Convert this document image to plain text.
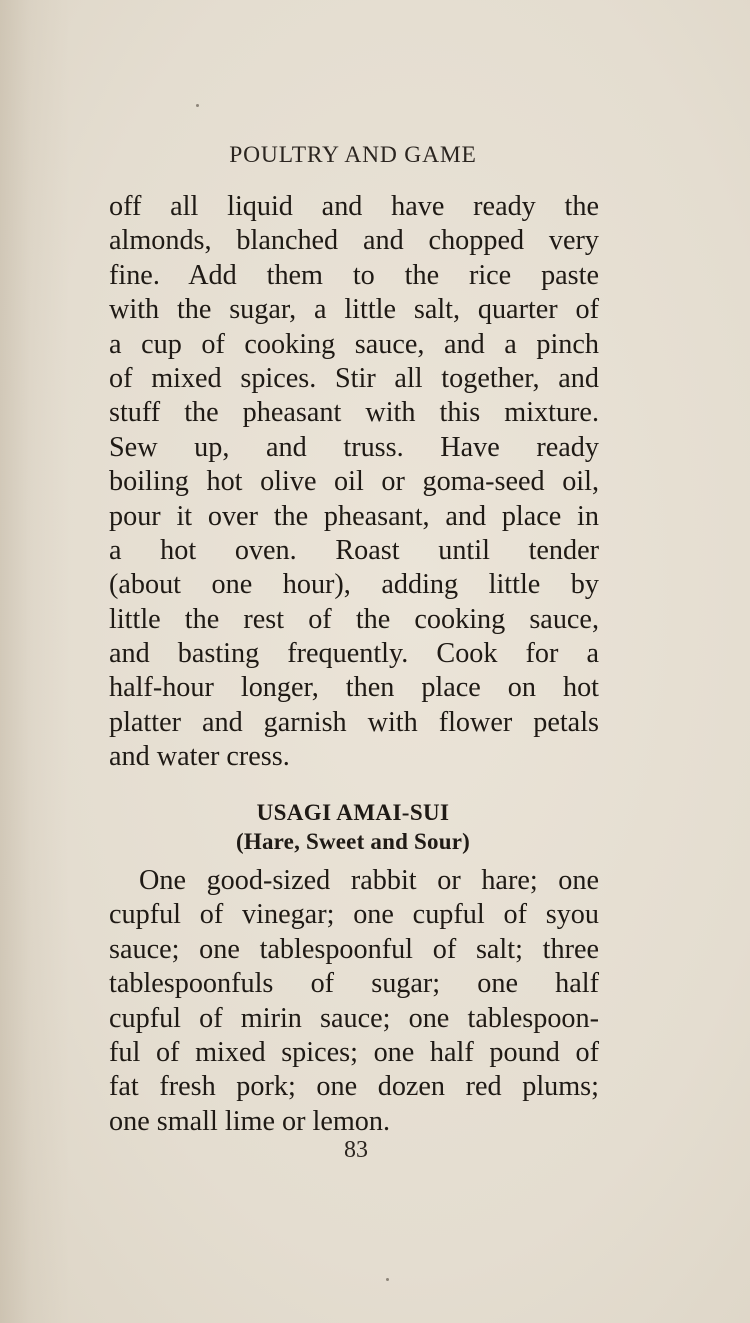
POULTRY AND GAME
off all liquid and have ready the
almonds, blanched and chopped very
fine. Add them to the rice paste
with the sugar, a little salt, quarter of
a cup of cooking sauce, and a pinch
of mixed spices. Stir all together, and
stuff the pheasant with this mixture.
Sew up, and truss. Have ready
boiling hot olive oil or goma-seed oil,
pour it over the pheasant, and place in
a hot oven. Roast until tender
(about one hour), adding little by
little the rest of the cooking sauce,
and basting frequently. Cook for a
half-hour longer, then place on hot
platter and garnish with flower petals
and water cress.
USAGI AMAI-SUI
(Hare, Sweet and Sour)
One good-sized rabbit or hare; one
cupful of vinegar; one cupful of syou
sauce; one tablespoonful of salt; three
tablespoonfuls of sugar; one half
cupful of mirin sauce; one tablespoon-
ful of mixed spices; one half pound of
fat fresh pork; one dozen red plums;
one small lime or lemon.
83
